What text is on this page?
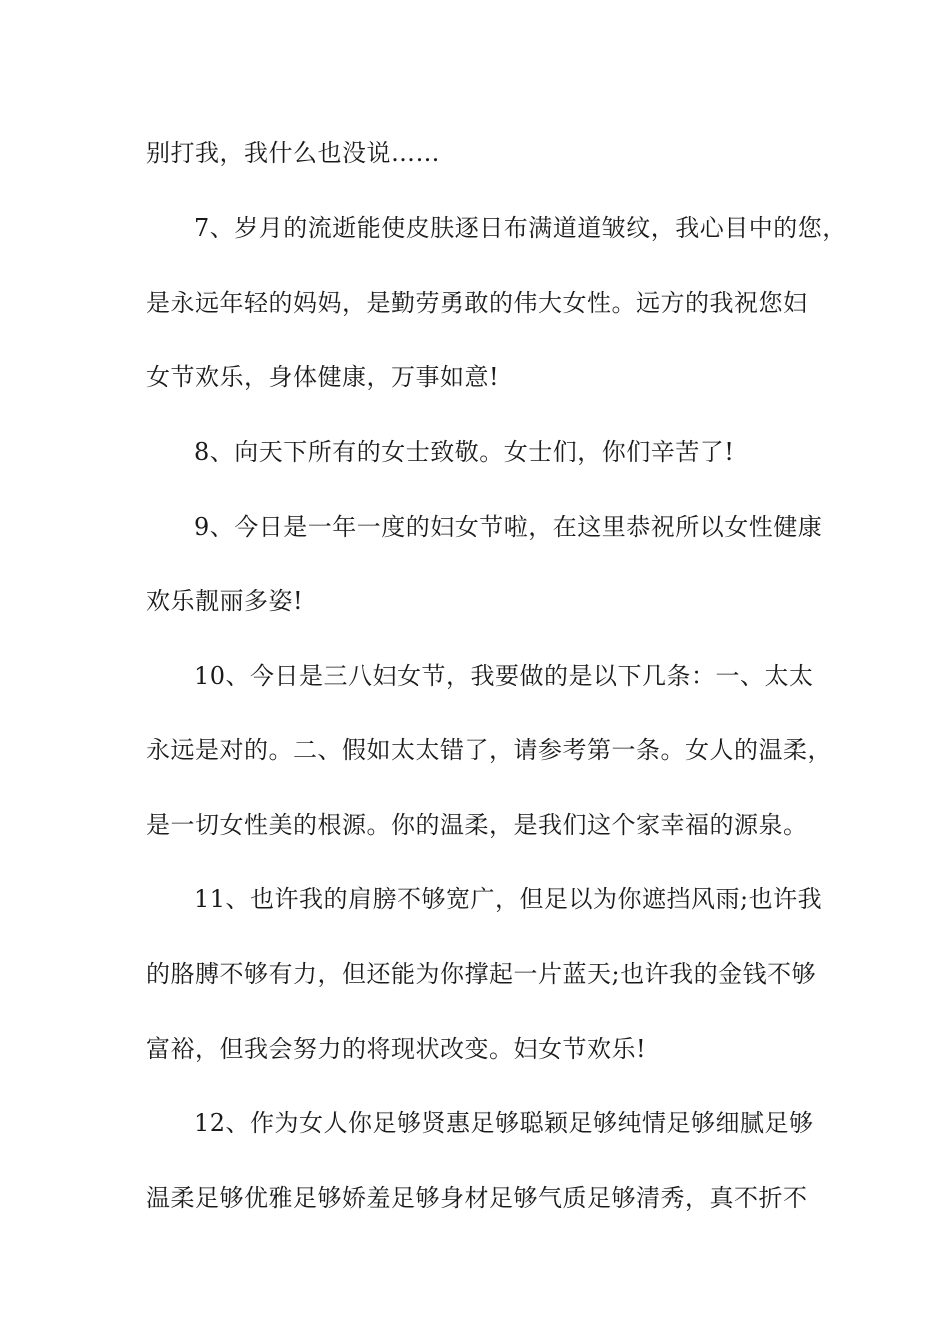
别打我，我什么也没说……
7、岁月的流逝能使皮肤逐日布满道道皱纹，我心目中的您，
是永远年轻的妈妈，是勤劳勇敢的伟大女性。远方的我祝您妇
女节欢乐，身体健康，万事如意!
8、向天下所有的女士致敬。女士们，你们辛苦了!
9、今日是一年一度的妇女节啦，在这里恭祝所以女性健康
欢乐靓丽多姿!
10、今日是三八妇女节，我要做的是以下几条：一、太太
永远是对的。二、假如太太错了，请参考第一条。女人的温柔，
是一切女性美的根源。你的温柔，是我们这个家幸福的源泉。
11、也许我的肩膀不够宽广，但足以为你遮挡风雨;也许我
的胳膊不够有力，但还能为你撑起一片蓝天;也许我的金钱不够
富裕，但我会努力的将现状改变。妇女节欢乐!
12、作为女人你足够贤惠足够聪颖足够纯情足够细腻足够
温柔足够优雅足够娇羞足够身材足够气质足够清秀，真不折不
